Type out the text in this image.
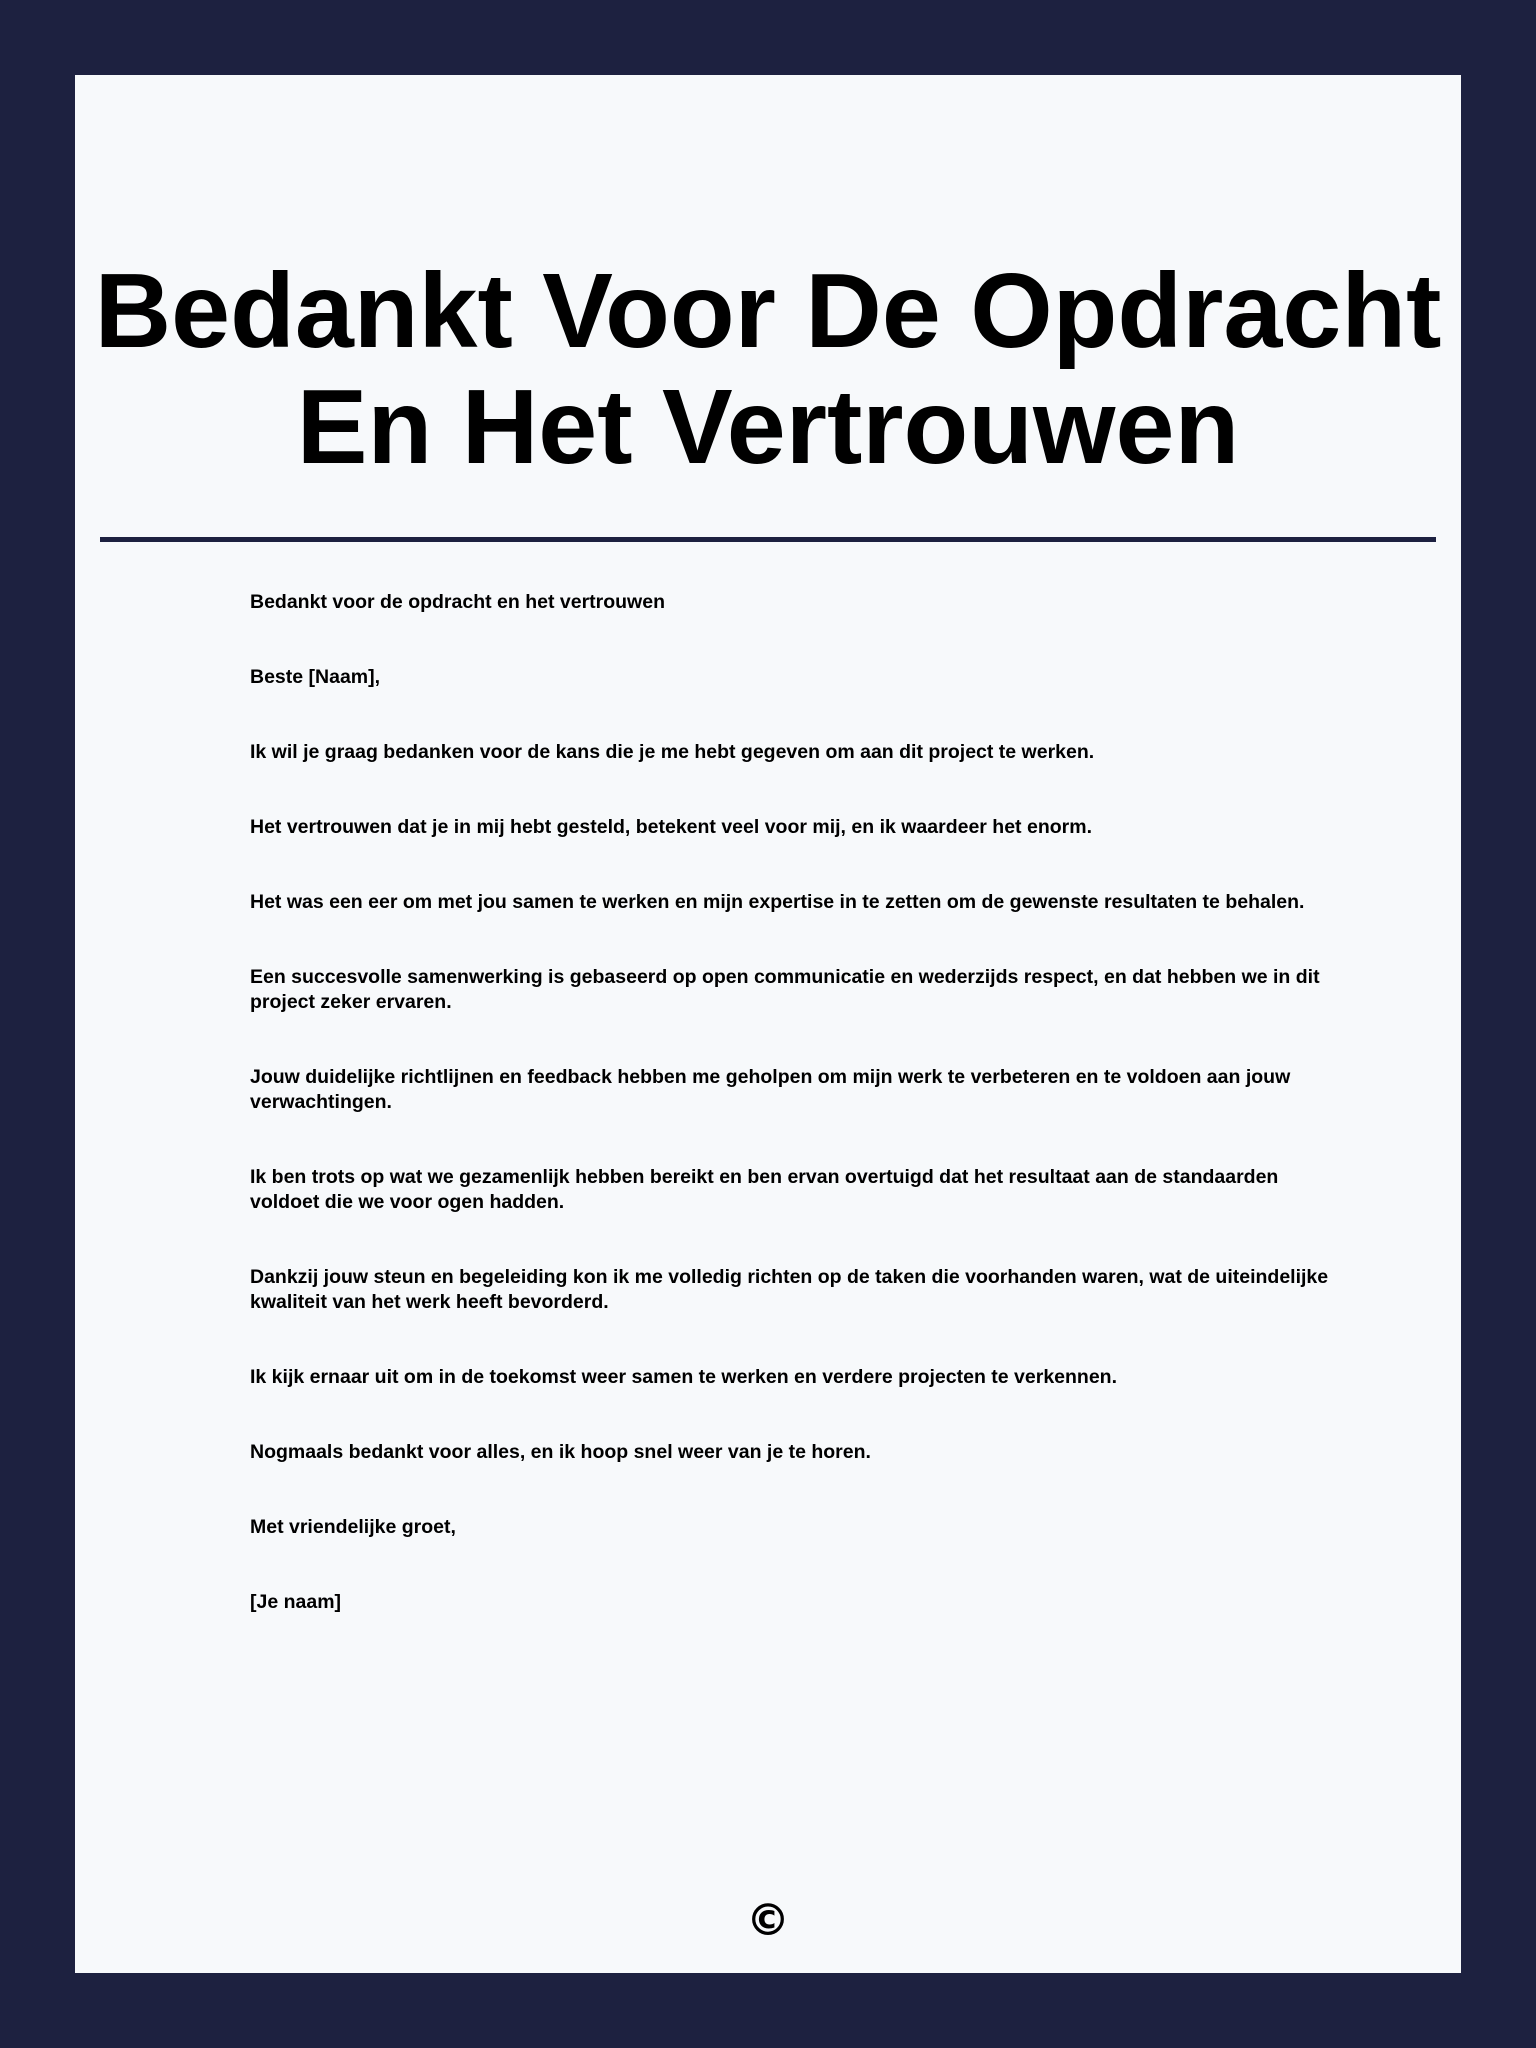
Bedankt Voor De Opdracht En Het Vertrouwen

Bedankt voor de opdracht en het vertrouwen

Beste [Naam],

Ik wil je graag bedanken voor de kans die je me hebt gegeven om aan dit project te werken.

Het vertrouwen dat je in mij hebt gesteld, betekent veel voor mij, en ik waardeer het enorm.

Het was een eer om met jou samen te werken en mijn expertise in te zetten om de gewenste resultaten te behalen.

Een succesvolle samenwerking is gebaseerd op open communicatie en wederzijds respect, en dat hebben we in dit project zeker ervaren.

Jouw duidelijke richtlijnen en feedback hebben me geholpen om mijn werk te verbeteren en te voldoen aan jouw verwachtingen.

Ik ben trots op wat we gezamenlijk hebben bereikt en ben ervan overtuigd dat het resultaat aan de standaarden voldoet die we voor ogen hadden.

Dankzij jouw steun en begeleiding kon ik me volledig richten op de taken die voorhanden waren, wat de uiteindelijke kwaliteit van het werk heeft bevorderd.

Ik kijk ernaar uit om in de toekomst weer samen te werken en verdere projecten te verkennen.

Nogmaals bedankt voor alles, en ik hoop snel weer van je te horen.

Met vriendelijke groet,

[Je naam]

©
